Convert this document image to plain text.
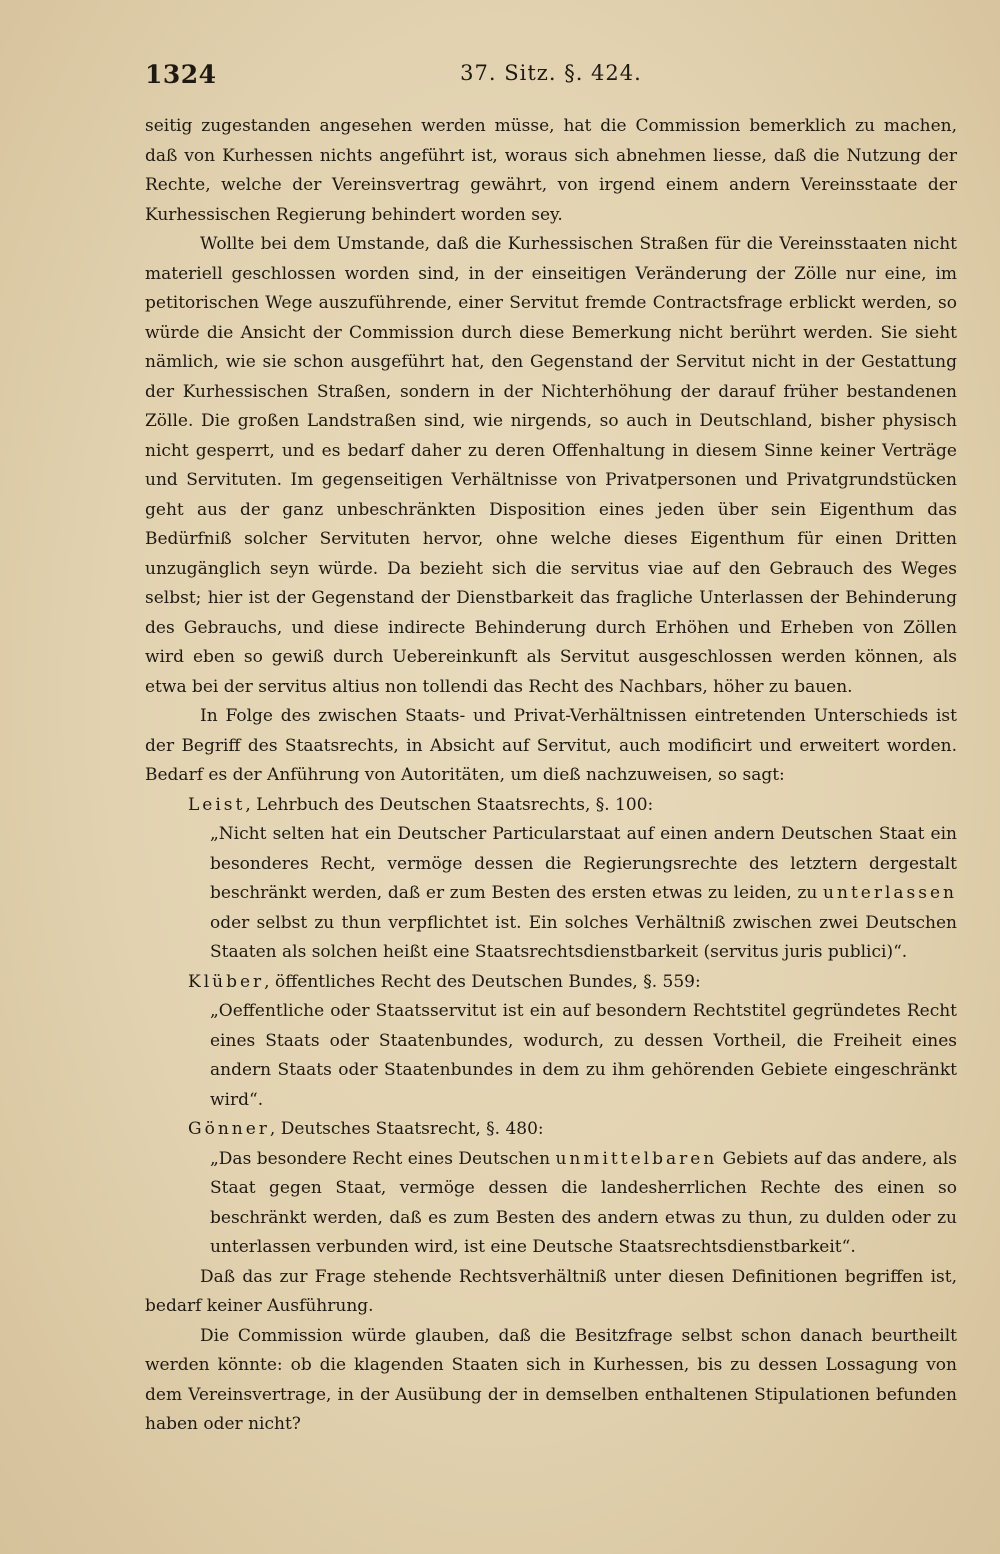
1324	37. Sitz. §. 424.

seitig zugestanden angesehen werden müsse, hat die Commission bemerklich zu machen, daß von Kurhessen nichts angeführt ist, woraus sich abnehmen liesse, daß die Nutzung der Rechte, welche der Vereinsvertrag gewährt, von irgend einem andern Vereinsstaate der Kurhessischen Regierung behindert worden sey.

Wollte bei dem Umstande, daß die Kurhessischen Straßen für die Vereinsstaaten nicht materiell geschlossen worden sind, in der einseitigen Veränderung der Zölle nur eine, im petitorischen Wege auszuführende, einer Servitut fremde Contractsfrage erblickt werden, so würde die Ansicht der Commission durch diese Bemerkung nicht berührt werden. Sie sieht nämlich, wie sie schon ausgeführt hat, den Gegenstand der Servitut nicht in der Gestattung der Kurhessischen Straßen, sondern in der Nichterhöhung der darauf früher bestandenen Zölle. Die großen Landstraßen sind, wie nirgends, so auch in Deutschland, bisher physisch nicht gesperrt, und es bedarf daher zu deren Offenhaltung in diesem Sinne keiner Verträge und Servituten. Im gegenseitigen Verhältnisse von Privatpersonen und Privatgrundstücken geht aus der ganz unbeschränkten Disposition eines jeden über sein Eigenthum das Bedürfniß solcher Servituten hervor, ohne welche dieses Eigenthum für einen Dritten unzugänglich seyn würde. Da bezieht sich die servitus viae auf den Gebrauch des Weges selbst; hier ist der Gegenstand der Dienstbarkeit das fragliche Unterlassen der Behinderung des Gebrauchs, und diese indirecte Behinderung durch Erhöhen und Erheben von Zöllen wird eben so gewiß durch Uebereinkunft als Servitut ausgeschlossen werden können, als etwa bei der servitus altius non tollendi das Recht des Nachbars, höher zu bauen.

In Folge des zwischen Staats- und Privat-Verhältnissen eintretenden Unterschieds ist der Begriff des Staatsrechts, in Absicht auf Servitut, auch modificirt und erweitert worden. Bedarf es der Anführung von Autoritäten, um dieß nachzuweisen, so sagt:

Leist, Lehrbuch des Deutschen Staatsrechts, §. 100:

„Nicht selten hat ein Deutscher Particularstaat auf einen andern Deutschen Staat ein besonderes Recht, vermöge dessen die Regierungsrechte des letztern dergestalt beschränkt werden, daß er zum Besten des ersten etwas zu leiden, zu unterlassen oder selbst zu thun verpflichtet ist. Ein solches Verhältniß zwischen zwei Deutschen Staaten als solchen heißt eine Staatsrechtsdienstbarkeit (servitus juris publici)“.

Klüber, öffentliches Recht des Deutschen Bundes, §. 559:

„Oeffentliche oder Staatsservitut ist ein auf besondern Rechtstitel gegründetes Recht eines Staats oder Staatenbundes, wodurch, zu dessen Vortheil, die Freiheit eines andern Staats oder Staatenbundes in dem zu ihm gehörenden Gebiete eingeschränkt wird“.

Gönner, Deutsches Staatsrecht, §. 480:

„Das besondere Recht eines Deutschen unmittelbaren Gebiets auf das andere, als Staat gegen Staat, vermöge dessen die landesherrlichen Rechte des einen so beschränkt werden, daß es zum Besten des andern etwas zu thun, zu dulden oder zu unterlassen verbunden wird, ist eine Deutsche Staatsrechtsdienstbarkeit“.

Daß das zur Frage stehende Rechtsverhältniß unter diesen Definitionen begriffen ist, bedarf keiner Ausführung.

Die Commission würde glauben, daß die Besitzfrage selbst schon danach beurtheilt werden könnte: ob die klagenden Staaten sich in Kurhessen, bis zu dessen Lossagung von dem Vereinsvertrage, in der Ausübung der in demselben enthaltenen Stipulationen befunden haben oder nicht?
